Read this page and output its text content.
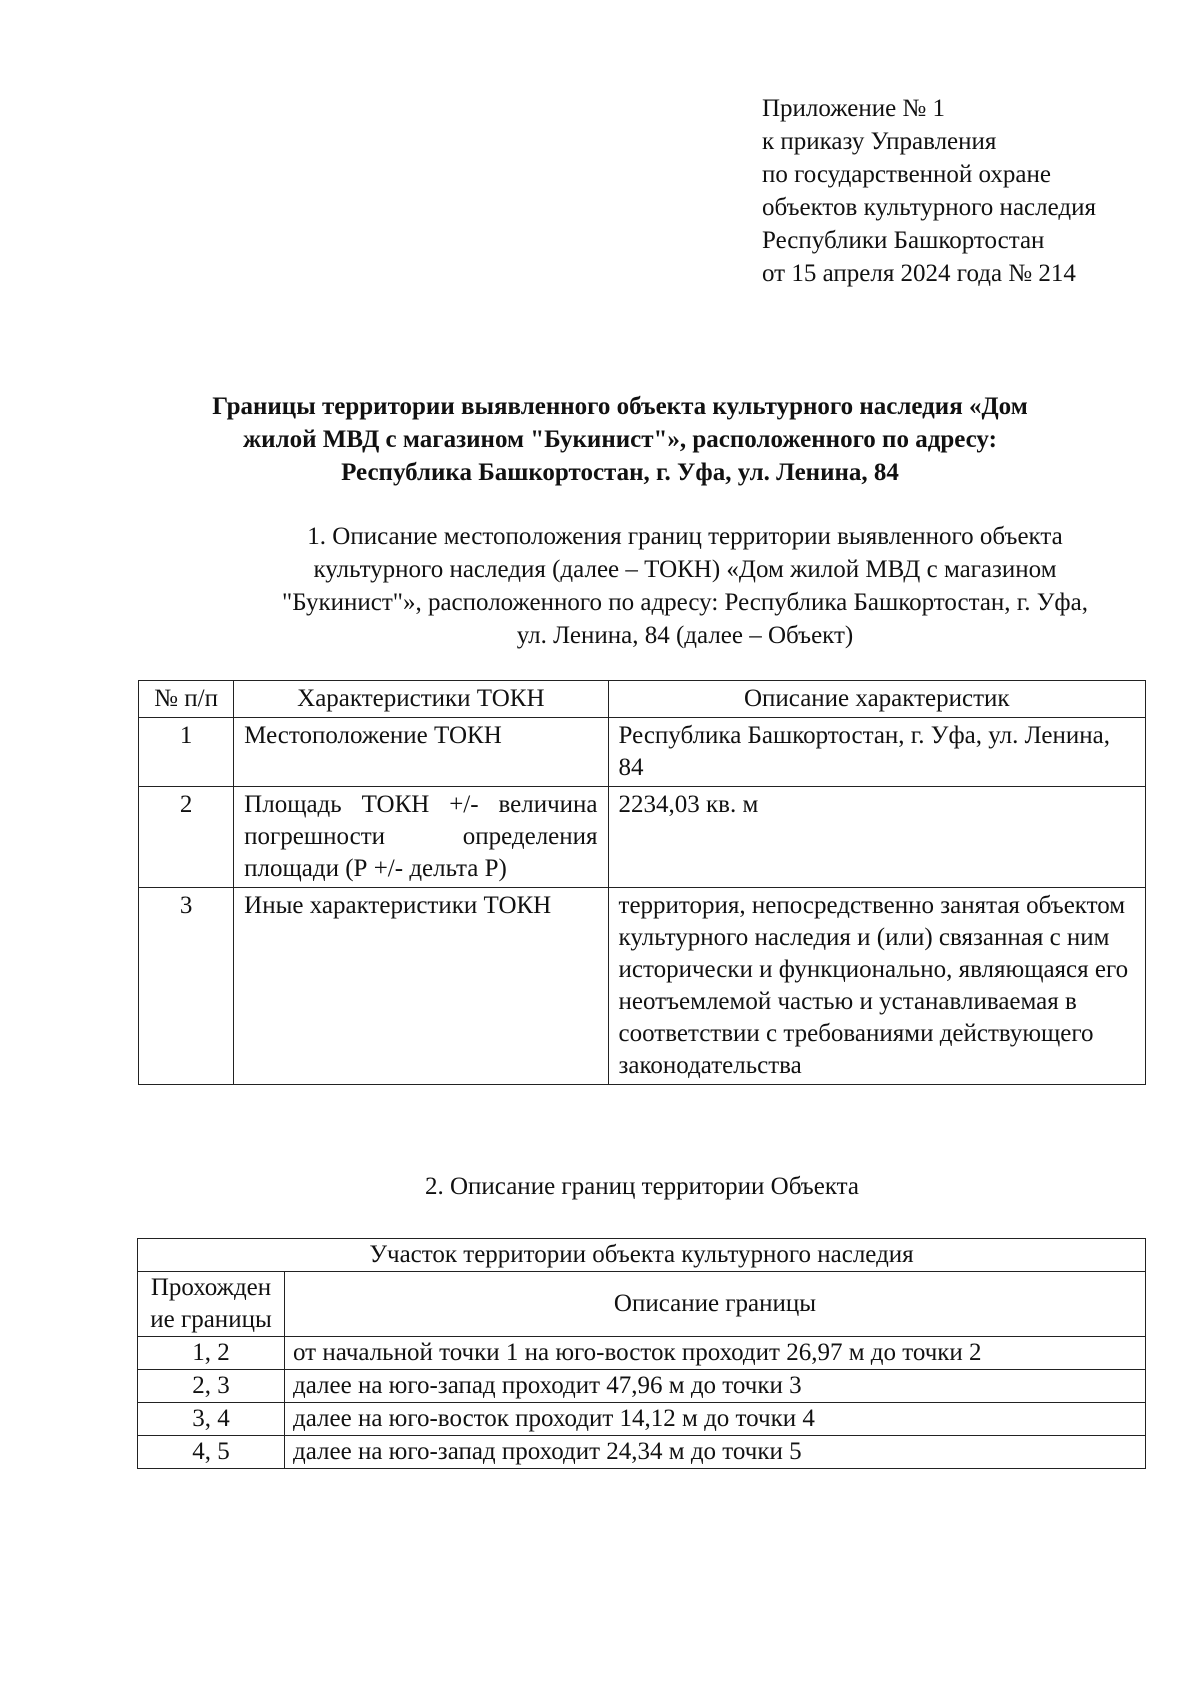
Приложение № 1
к приказу Управления
по государственной охране
объектов культурного наследия
Республики Башкортостан
от 15 апреля 2024 года № 214
Границы территории выявленного объекта культурного наследия «Дом
жилой МВД с магазином "Букинист"», расположенного по адресу:
Республика Башкортостан, г. Уфа, ул. Ленина, 84
1. Описание местоположения границ территории выявленного объекта
культурного наследия (далее – ТОКН) «Дом жилой МВД с магазином
"Букинист"», расположенного по адресу: Республика Башкортостан, г. Уфа,
ул. Ленина, 84 (далее – Объект)
№ п/п	Характеристики ТОКН	Описание характеристик
1	Местоположение ТОКН	Республика Башкортостан, г. Уфа, ул. Ленина, 84
2	Площадь ТОКН +/- величина погрешности определения площади (Р +/- дельта Р)	2234,03 кв. м
3	Иные характеристики ТОКН	территория, непосредственно занятая объектом культурного наследия и (или) связанная с ним исторически и функционально, являющаяся его неотъемлемой частью и устанавливаемая в соответствии с требованиями действующего законодательства
2. Описание границ территории Объекта
Участок территории объекта культурного наследия	
Прохождение границы	Описание границы
1, 2	от начальной точки 1 на юго-восток проходит 26,97 м до точки 2
2, 3	далее на юго-запад проходит 47,96 м до точки 3
3, 4	далее на юго-восток проходит 14,12 м до точки 4
4, 5	далее на юго-запад проходит 24,34 м до точки 5
